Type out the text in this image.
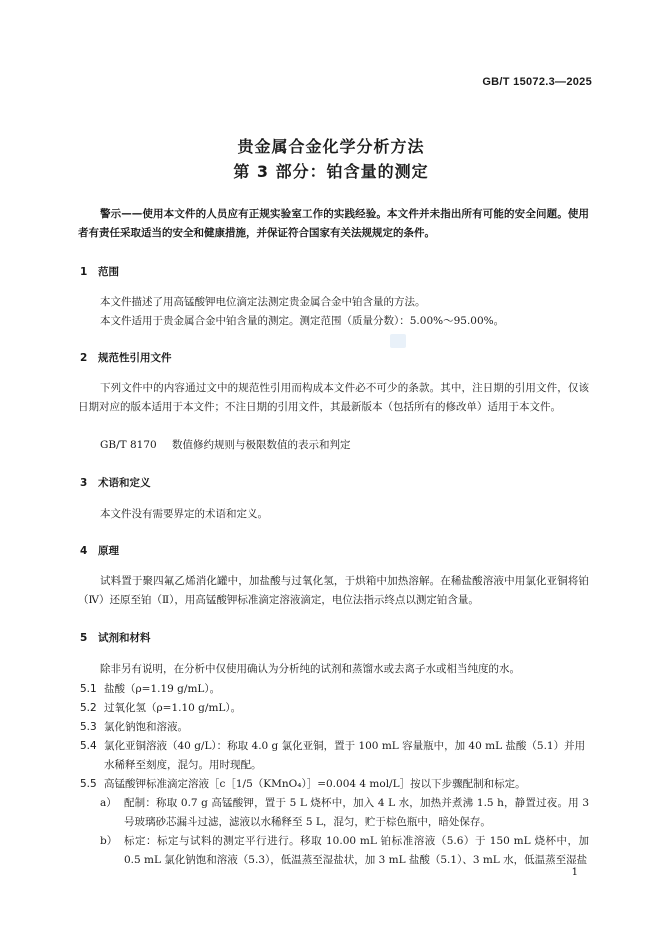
GB/T 15072.3—2025
贵金属合金化学分析方法
第 3 部分：铂含量的测定
警示——使用本文件的人员应有正规实验室工作的实践经验。本文件并未指出所有可能的安全问题。使用者有责任采取适当的安全和健康措施，并保证符合国家有关法规规定的条件。
1 范围
本文件描述了用高锰酸钾电位滴定法测定贵金属合金中铂含量的方法。
本文件适用于贵金属合金中铂含量的测定。测定范围（质量分数）：5.00%～95.00%。
2 规范性引用文件
下列文件中的内容通过文中的规范性引用而构成本文件必不可少的条款。其中，注日期的引用文件，仅该日期对应的版本适用于本文件；不注日期的引用文件，其最新版本（包括所有的修改单）适用于本文件。
GB/T 8170 数值修约规则与极限数值的表示和判定
3 术语和定义
本文件没有需要界定的术语和定义。
4 原理
试料置于聚四氟乙烯消化罐中，加盐酸与过氧化氢，于烘箱中加热溶解。在稀盐酸溶液中用氯化亚铜将铂（Ⅳ）还原至铂（Ⅱ），用高锰酸钾标准滴定溶液滴定，电位法指示终点以测定铂含量。
5 试剂和材料
除非另有说明，在分析中仅使用确认为分析纯的试剂和蒸馏水或去离子水或相当纯度的水。
5.1 盐酸（ρ=1.19 g/mL）。
5.2 过氧化氢（ρ=1.10 g/mL）。
5.3 氯化钠饱和溶液。
5.4 氯化亚铜溶液（40 g/L）：称取 4.0 g 氯化亚铜，置于 100 mL 容量瓶中，加 40 mL 盐酸（5.1）并用水稀释至刻度，混匀。用时现配。
5.5 高锰酸钾标准滴定溶液［c［1/5（KMnO₄）］=0.004 4 mol/L］按以下步骤配制和标定。
a） 配制：称取 0.7 g 高锰酸钾，置于 5 L 烧杯中，加入 4 L 水，加热并煮沸 1.5 h，静置过夜。用 3 号玻璃砂芯漏斗过滤，滤液以水稀释至 5 L，混匀，贮于棕色瓶中，暗处保存。
b） 标定：标定与试料的测定平行进行。移取 10.00 mL 铂标准溶液（5.6）于 150 mL 烧杯中，加 0.5 mL 氯化钠饱和溶液（5.3），低温蒸至湿盐状，加 3 mL 盐酸（5.1）、3 mL 水，低温蒸至湿盐
1
